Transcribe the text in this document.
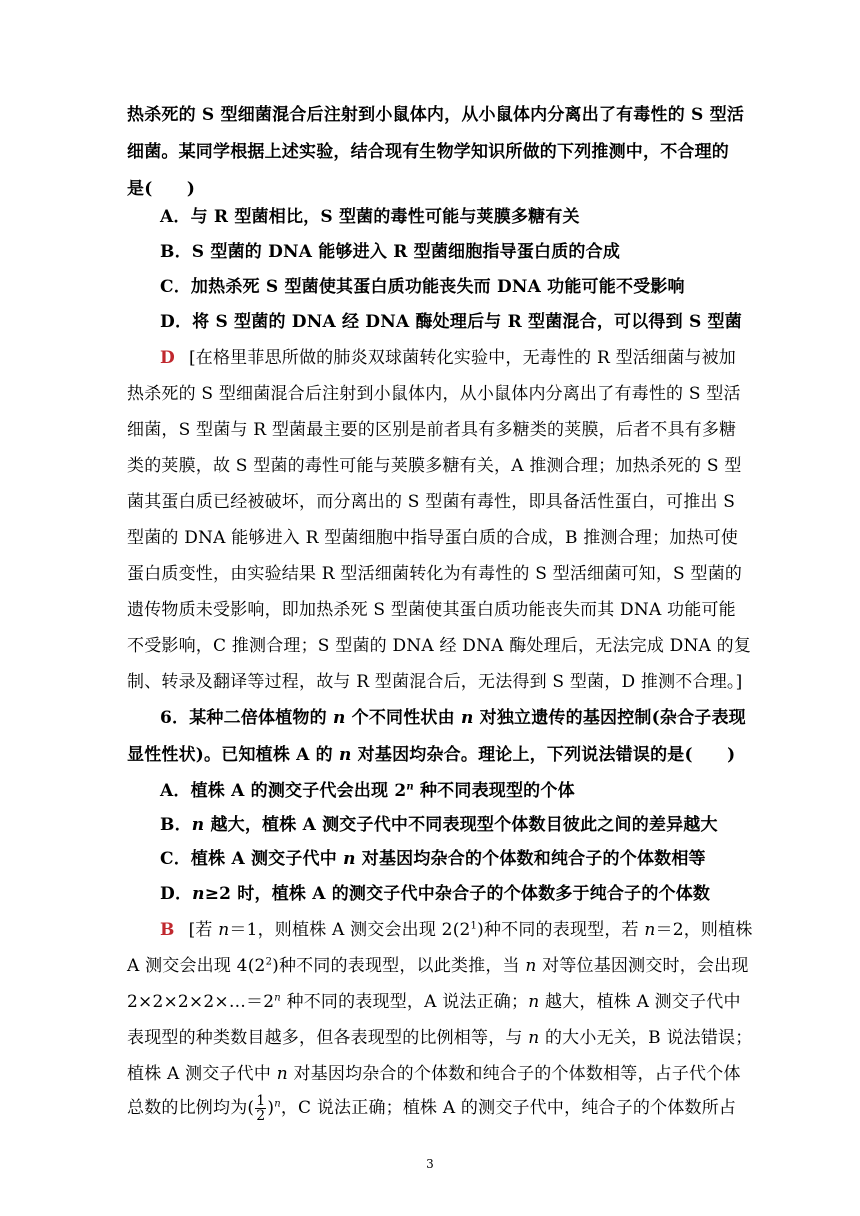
热杀死的 S 型细菌混合后注射到小鼠体内，从小鼠体内分离出了有毒性的 S 型活
细菌。某同学根据上述实验，结合现有生物学知识所做的下列推测中，不合理的
是(　　)
A．与 R 型菌相比，S 型菌的毒性可能与荚膜多糖有关
B．S 型菌的 DNA 能够进入 R 型菌细胞指导蛋白质的合成
C．加热杀死 S 型菌使其蛋白质功能丧失而 DNA 功能可能不受影响
D．将 S 型菌的 DNA 经 DNA 酶处理后与 R 型菌混合，可以得到 S 型菌
D [在格里菲思所做的肺炎双球菌转化实验中，无毒性的 R 型活细菌与被加
热杀死的 S 型细菌混合后注射到小鼠体内，从小鼠体内分离出了有毒性的 S 型活
细菌，S 型菌与 R 型菌最主要的区别是前者具有多糖类的荚膜，后者不具有多糖
类的荚膜，故 S 型菌的毒性可能与荚膜多糖有关，A 推测合理；加热杀死的 S 型
菌其蛋白质已经被破坏，而分离出的 S 型菌有毒性，即具备活性蛋白，可推出 S
型菌的 DNA 能够进入 R 型菌细胞中指导蛋白质的合成，B 推测合理；加热可使
蛋白质变性，由实验结果 R 型活细菌转化为有毒性的 S 型活细菌可知，S 型菌的
遗传物质未受影响，即加热杀死 S 型菌使其蛋白质功能丧失而其 DNA 功能可能
不受影响，C 推测合理；S 型菌的 DNA 经 DNA 酶处理后，无法完成 DNA 的复
制、转录及翻译等过程，故与 R 型菌混合后，无法得到 S 型菌，D 推测不合理。]
6．某种二倍体植物的 n 个不同性状由 n 对独立遗传的基因控制(杂合子表现
显性性状)。已知植株 A 的 n 对基因均杂合。理论上，下列说法错误的是(　　)
A．植株 A 的测交子代会出现 2$^n$ 种不同表现型的个体
B．n 越大，植株 A 测交子代中不同表现型个体数目彼此之间的差异越大
C．植株 A 测交子代中 n 对基因均杂合的个体数和纯合子的个体数相等
D．n≥2 时，植株 A 的测交子代中杂合子的个体数多于纯合子的个体数
B [若 n＝1，则植株 A 测交会出现 $2(2^1)$种不同的表现型，若 n＝2，则植株
A 测交会出现 $4(2^2)$种不同的表现型，以此类推，当 n 对等位基因测交时，会出现
$2\times 2\times 2\times 2\times\dots=2^n$ 种不同的表现型，A 说法正确；n 越大，植株 A 测交子代中
表现型的种类数目越多，但各表现型的比例相等，与 n 的大小无关，B 说法错误；
植株 A 测交子代中 n 对基因均杂合的个体数和纯合子的个体数相等，占子代个体
总数的比例均为( $\frac{1}{2} )^n$，C 说法正确；植株 A 的测交子代中，纯合子的个体数所占
3
